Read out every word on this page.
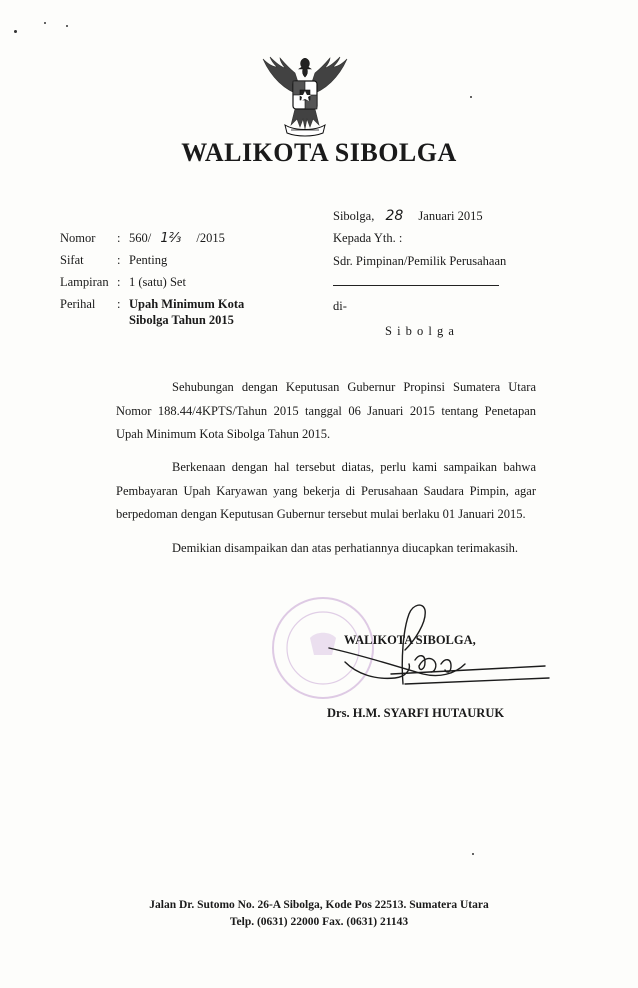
WALIKOTA SIBOLGA
Nomor	: 560/ 1⅔ /2015
Sifat	: Penting
Lampiran : 1 (satu) Set
Perihal	: Upah Minimum Kota
Sibolga Tahun 2015
Sibolga, 28 Januari 2015
Kepada Yth. :
Sdr. Pimpinan/Pemilik Perusahaan
di-
S i b o l g a
Sehubungan dengan Keputusan Gubernur Propinsi Sumatera Utara Nomor 188.44/4KPTS/Tahun 2015 tanggal 06 Januari 2015 tentang Penetapan Upah Minimum Kota Sibolga Tahun 2015.
Berkenaan dengan hal tersebut diatas, perlu kami sampaikan bahwa Pembayaran Upah Karyawan yang bekerja di Perusahaan Saudara Pimpin, agar berpedoman dengan Keputusan Gubernur tersebut mulai berlaku 01 Januari 2015.
Demikian disampaikan dan atas perhatiannya diucapkan terimakasih.
WALIKOTA SIBOLGA,
Drs. H.M. SYARFI HUTAURUK
Jalan Dr. Sutomo No. 26-A Sibolga, Kode Pos 22513. Sumatera Utara
Telp. (0631) 22000 Fax. (0631) 21143
